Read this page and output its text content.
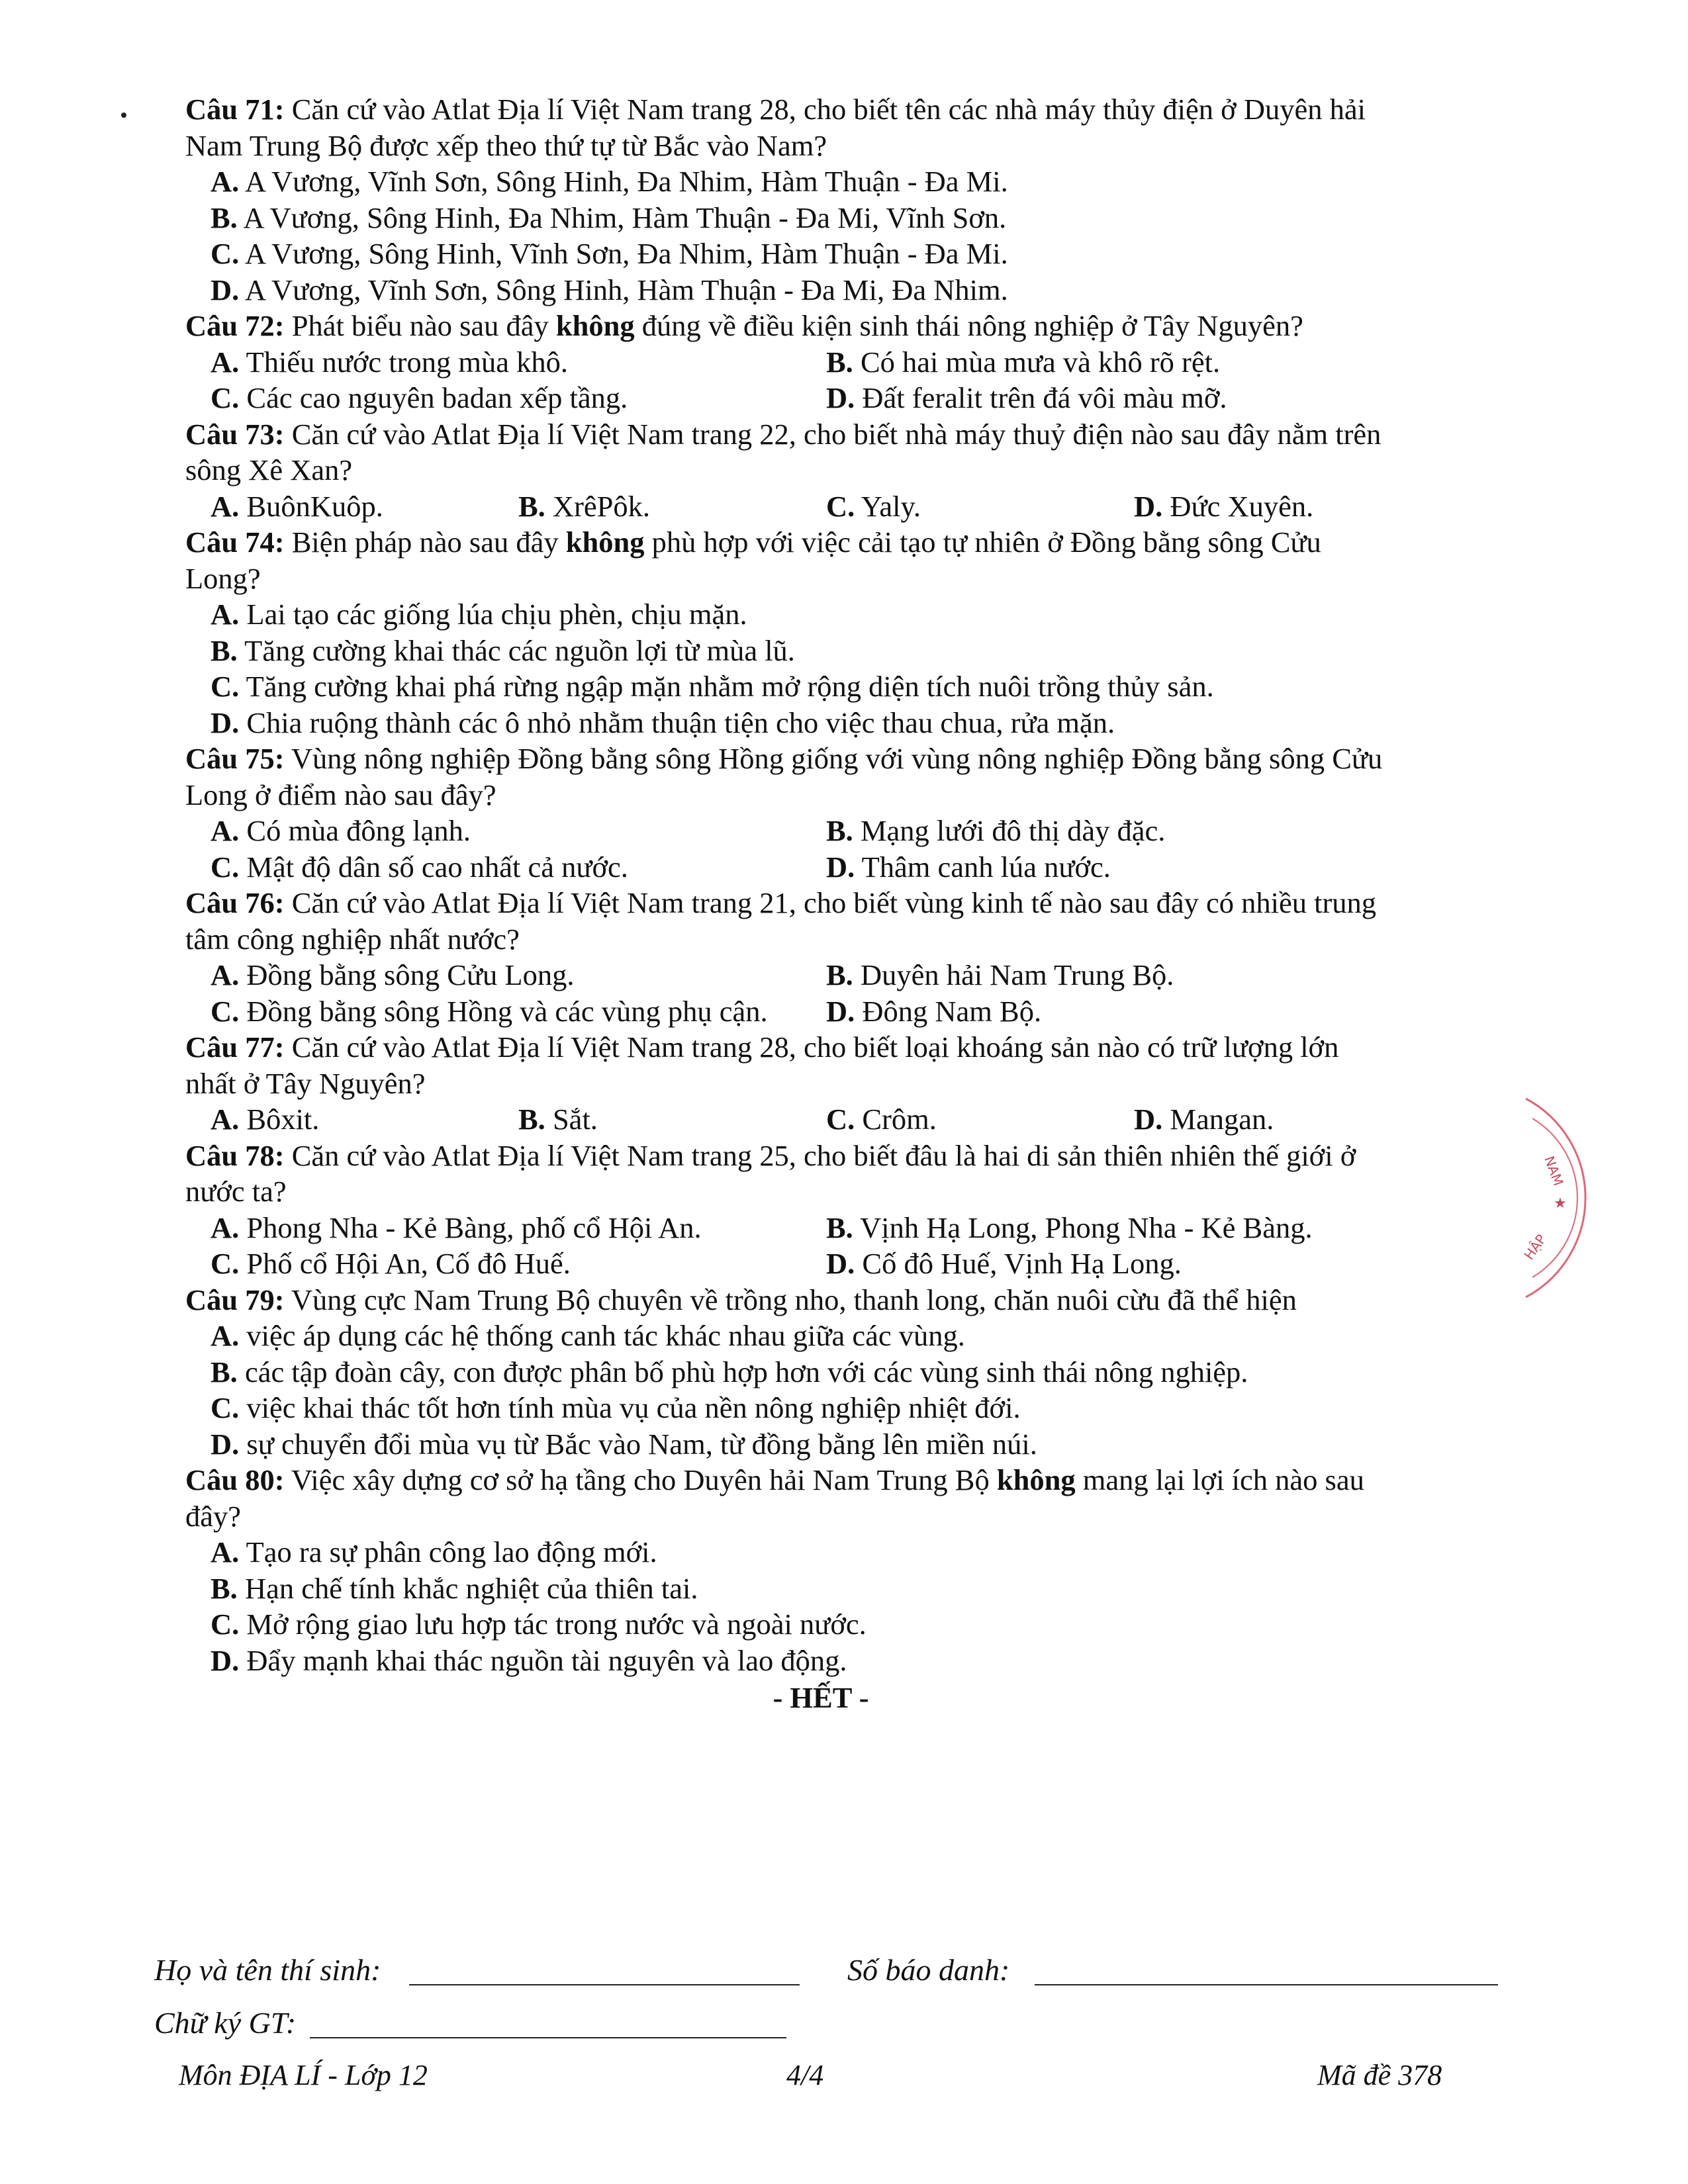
Câu 71: Căn cứ vào Atlat Địa lí Việt Nam trang 28, cho biết tên các nhà máy thủy điện ở Duyên hải
Nam Trung Bộ được xếp theo thứ tự từ Bắc vào Nam?
A. A Vương, Vĩnh Sơn, Sông Hinh, Đa Nhim, Hàm Thuận - Đa Mi.
B. A Vương, Sông Hinh, Đa Nhim, Hàm Thuận - Đa Mi, Vĩnh Sơn.
C. A Vương, Sông Hinh, Vĩnh Sơn, Đa Nhim, Hàm Thuận - Đa Mi.
D. A Vương, Vĩnh Sơn, Sông Hinh, Hàm Thuận - Đa Mi, Đa Nhim.
Câu 72: Phát biểu nào sau đây không đúng về điều kiện sinh thái nông nghiệp ở Tây Nguyên?
A. Thiếu nước trong mùa khô.	B. Có hai mùa mưa và khô rõ rệt.
C. Các cao nguyên badan xếp tầng.	D. Đất feralit trên đá vôi màu mỡ.
Câu 73: Căn cứ vào Atlat Địa lí Việt Nam trang 22, cho biết nhà máy thuỷ điện nào sau đây nằm trên
sông Xê Xan?
A. BuônKuôp.	B. XrêPôk.	C. Yaly.	D. Đức Xuyên.
Câu 74: Biện pháp nào sau đây không phù hợp với việc cải tạo tự nhiên ở Đồng bằng sông Cửu
Long?
A. Lai tạo các giống lúa chịu phèn, chịu mặn.
B. Tăng cường khai thác các nguồn lợi từ mùa lũ.
C. Tăng cường khai phá rừng ngập mặn nhằm mở rộng diện tích nuôi trồng thủy sản.
D. Chia ruộng thành các ô nhỏ nhằm thuận tiện cho việc thau chua, rửa mặn.
Câu 75: Vùng nông nghiệp Đồng bằng sông Hồng giống với vùng nông nghiệp Đồng bằng sông Cửu
Long ở điểm nào sau đây?
A. Có mùa đông lạnh.	B. Mạng lưới đô thị dày đặc.
C. Mật độ dân số cao nhất cả nước.	D. Thâm canh lúa nước.
Câu 76: Căn cứ vào Atlat Địa lí Việt Nam trang 21, cho biết vùng kinh tế nào sau đây có nhiều trung
tâm công nghiệp nhất nước?
A. Đồng bằng sông Cửu Long.	B. Duyên hải Nam Trung Bộ.
C. Đồng bằng sông Hồng và các vùng phụ cận.	D. Đông Nam Bộ.
Câu 77: Căn cứ vào Atlat Địa lí Việt Nam trang 28, cho biết loại khoáng sản nào có trữ lượng lớn
nhất ở Tây Nguyên?
A. Bôxit.	B. Sắt.	C. Crôm.	D. Mangan.
Câu 78: Căn cứ vào Atlat Địa lí Việt Nam trang 25, cho biết đâu là hai di sản thiên nhiên thế giới ở
nước ta?
A. Phong Nha - Kẻ Bàng, phố cổ Hội An.	B. Vịnh Hạ Long, Phong Nha - Kẻ Bàng.
C. Phố cổ Hội An, Cố đô Huế.	D. Cố đô Huế, Vịnh Hạ Long.
Câu 79: Vùng cực Nam Trung Bộ chuyên về trồng nho, thanh long, chăn nuôi cừu đã thể hiện
A. việc áp dụng các hệ thống canh tác khác nhau giữa các vùng.
B. các tập đoàn cây, con được phân bố phù hợp hơn với các vùng sinh thái nông nghiệp.
C. việc khai thác tốt hơn tính mùa vụ của nền nông nghiệp nhiệt đới.
D. sự chuyển đổi mùa vụ từ Bắc vào Nam, từ đồng bằng lên miền núi.
Câu 80: Việc xây dựng cơ sở hạ tầng cho Duyên hải Nam Trung Bộ không mang lại lợi ích nào sau
đây?
A. Tạo ra sự phân công lao động mới.
B. Hạn chế tính khắc nghiệt của thiên tai.
C. Mở rộng giao lưu hợp tác trong nước và ngoài nước.
D. Đẩy mạnh khai thác nguồn tài nguyên và lao động.
- HẾT -
NAM
★
HẬP
Họ và tên thí sinh:	Số báo danh:
Chữ ký GT:
Môn ĐỊA LÍ - Lớp 12	4/4	Mã đề 378
